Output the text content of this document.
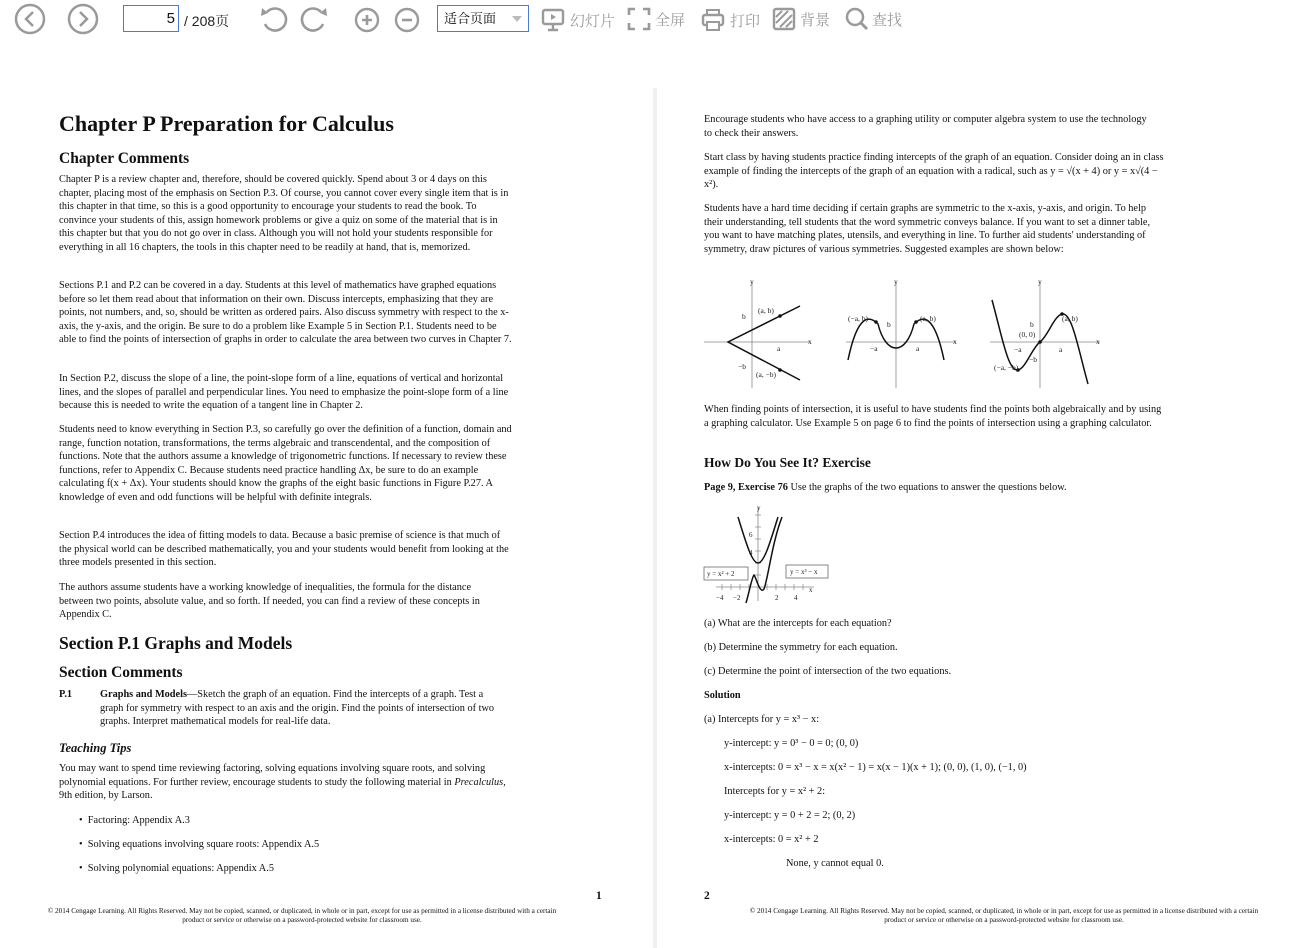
5 / 208页	适合页面	幻灯片	全屏	打印	背景	查找
Chapter P Preparation for Calculus
Chapter Comments

Chapter P is a review chapter and, therefore, should be covered quickly. Spend about 3 or 4 days on this chapter, placing most of the emphasis on Section P.3. Of course, you cannot cover every single item that is in this chapter in that time, so this is a good opportunity to encourage your students to read the book. To convince your students of this, assign homework problems or give a quiz on some of the material that is in this chapter but that you do not go over in class. Although you will not hold your students responsible for everything in all 16 chapters, the tools in this chapter need to be readily at hand, that is, memorized.

Sections P.1 and P.2 can be covered in a day. Students at this level of mathematics have graphed equations before so let them read about that information on their own. Discuss intercepts, emphasizing that they are points, not numbers, and, so, should be written as ordered pairs. Also discuss symmetry with respect to the x-axis, the y-axis, and the origin. Be sure to do a problem like Example 5 in Section P.1. Students need to be able to find the points of intersection of graphs in order to calculate the area between two curves in Chapter 7.

In Section P.2, discuss the slope of a line, the point-slope form of a line, equations of vertical and horizontal lines, and the slopes of parallel and perpendicular lines. You need to emphasize the point-slope form of a line because this is needed to write the equation of a tangent line in Chapter 2.

Students need to know everything in Section P.3, so carefully go over the definition of a function, domain and range, function notation, transformations, the terms algebraic and transcendental, and the composition of functions. Note that the authors assume a knowledge of trigonometric functions. If necessary to review these functions, refer to Appendix C. Because students need practice handling Δx, be sure to do an example calculating f(x + Δx). Your students should know the graphs of the eight basic functions in Figure P.27. A knowledge of even and odd functions will be helpful with definite integrals.

Section P.4 introduces the idea of fitting models to data. Because a basic premise of science is that much of the physical world can be described mathematically, you and your students would benefit from looking at the three models presented in this section.

The authors assume students have a working knowledge of inequalities, the formula for the distance between two points, absolute value, and so forth. If needed, you can find a review of these concepts in Appendix C.

Section P.1 Graphs and Models
Section Comments
P.1	Graphs and Models—Sketch the graph of an equation. Find the intercepts of a graph. Test a graph for symmetry with respect to an axis and the origin. Find the points of intersection of two graphs. Interpret mathematical models for real-life data.

Teaching Tips

You may want to spend time reviewing factoring, solving equations involving square roots, and solving polynomial equations. For further review, encourage students to study the following material in Precalculus, 9th edition, by Larson.

•  Factoring: Appendix A.3
•  Solving equations involving square roots: Appendix A.5
•  Solving polynomial equations: Appendix A.5
1
© 2014 Cengage Learning. All Rights Reserved. May not be copied, scanned, or duplicated, in whole or in part, except for use as permitted in a license distributed with a certain product or service or otherwise on a password-protected website for classroom use.

Encourage students who have access to a graphing utility or computer algebra system to use the technology to check their answers.

Start class by having students practice finding intercepts of the graph of an equation. Consider doing an in class example of finding the intercepts of the graph of an equation with a radical, such as y = √(x + 4) or y = x√(4 − x²).

Students have a hard time deciding if certain graphs are symmetric to the x-axis, y-axis, and origin. To help their understanding, tell students that the word symmetric conveys balance. If you want to set a dinner table, you want to have matching plates, utensils, and everything in line. To further aid students' understanding of symmetry, draw pictures of various symmetries. Suggested examples are shown below:

(a, b)
(a, −b)
b
−b
a
x
y
(−a, b)	(a, b)
b
−a	a
x
y
(a, b)
(0, 0)
(−a, −b)
b
−b
−a	a
x
y

When finding points of intersection, it is useful to have students find the points both algebraically and by using a graphing calculator. Use Example 5 on page 6 to find the points of intersection using a graphing calculator.

How Do You See It? Exercise

Page 9, Exercise 76 Use the graphs of the two equations to answer the questions below.

y = x² + 2	y = x³ − x
6
4
−4 −2	2 4
x
y
(a) What are the intercepts for each equation?
(b) Determine the symmetry for each equation.
(c) Determine the point of intersection of the two equations.
Solution
(a) Intercepts for y = x³ − x:
y-intercept: y = 0³ − 0 = 0; (0, 0)
x-intercepts: 0 = x³ − x = x(x² − 1) = x(x − 1)(x + 1); (0, 0), (1, 0), (−1, 0)
Intercepts for y = x² + 2:
y-intercept: y = 0 + 2 = 2; (0, 2)
x-intercepts: 0 = x² + 2
None, y cannot equal 0.
2
© 2014 Cengage Learning. All Rights Reserved. May not be copied, scanned, or duplicated, in whole or in part, except for use as permitted in a license distributed with a certain product or service or otherwise on a password-protected website for classroom use.
